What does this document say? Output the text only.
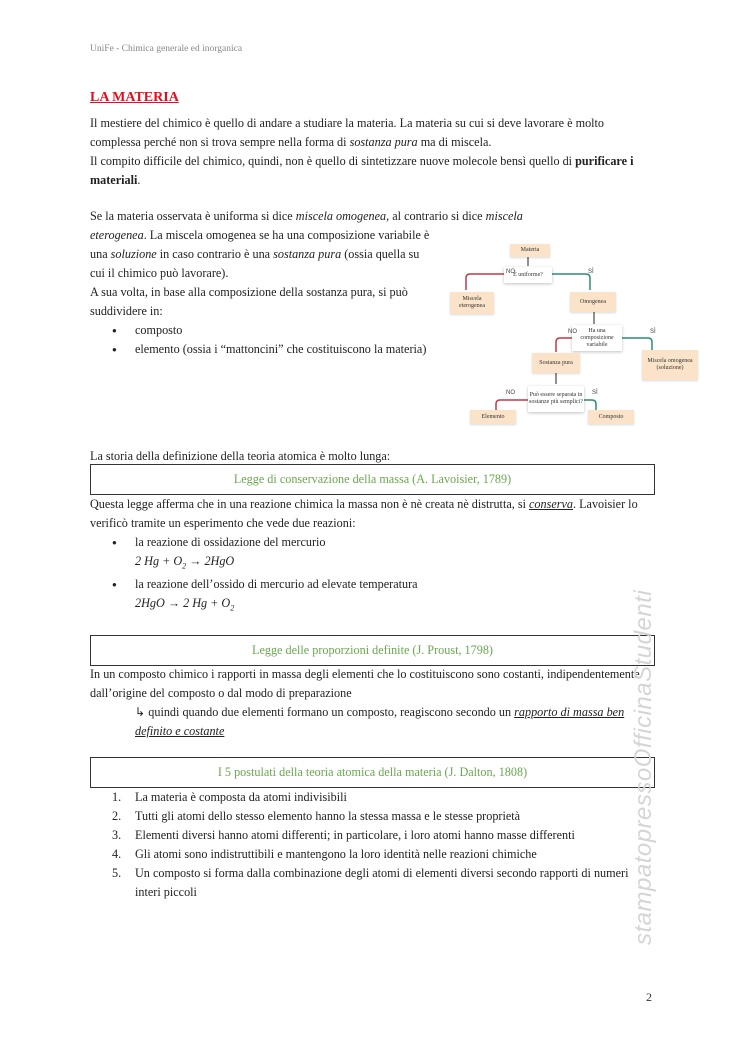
UniFe - Chimica generale ed inorganica
LA MATERIA
Il mestiere del chimico è quello di andare a studiare la materia. La materia su cui si deve lavorare è molto complessa perché non si trova sempre nella forma di sostanza pura ma di miscela.
Il compito difficile del chimico, quindi, non è quello di sintetizzare nuove molecole bensì quello di purificare i materiali.
Se la materia osservata è uniforma si dice miscela omogenea, al contrario si dice miscela
eterogenea. La miscela omogenea se ha una composizione variabile è una soluzione in caso contrario è una sostanza pura (ossia quella su cui il chimico può lavorare).
A sua volta, in base alla composizione della sostanza pura, si può suddividere in:
● composto
● elemento (ossia i “mattoncini” che costituiscono la materia)
Materia
È uniforme?
NO	SÌ
Miscela eterogenea
Omogenea
Ha una composizione variabile
NO	SÌ
Sostanza pura	Miscela omogenea (soluzione)
Può essere separata in sostanze più semplici?
NO	SÌ
Elemento	Composto
La storia della definizione della teoria atomica è molto lunga:
Legge di conservazione della massa (A. Lavoisier, 1789)
Questa legge afferma che in una reazione chimica la massa non è nè creata nè distrutta, si conserva. Lavoisier lo verificò tramite un esperimento che vede due reazioni:
● la reazione di ossidazione del mercurio
2 $Hg + O_2 \to 2HgO$
● la reazione dell’ossido di mercurio ad elevate temperatura
2HgO → 2 $Hg + O_2$
Legge delle proporzioni definite (J. Proust, 1798)
In un composto chimico i rapporti in massa degli elementi che lo costituiscono sono costanti, indipendentemente dall’origine del composto o dal modo di preparazione
↳ quindi quando due elementi formano un composto, reagiscono secondo un rapporto di massa ben definito e costante
I 5 postulati della teoria atomica della materia (J. Dalton, 1808)
1. La materia è composta da atomi indivisibili
2. Tutti gli atomi dello stesso elemento hanno la stessa massa e le stesse proprietà
3. Elementi diversi hanno atomi differenti; in particolare, i loro atomi hanno masse differenti
4. Gli atomi sono indistruttibili e mantengono la loro identità nelle reazioni chimiche
5. Un composto si forma dalla combinazione degli atomi di elementi diversi secondo rapporti di numeri interi piccoli	stampatopressoOfficinaStudenti
2
